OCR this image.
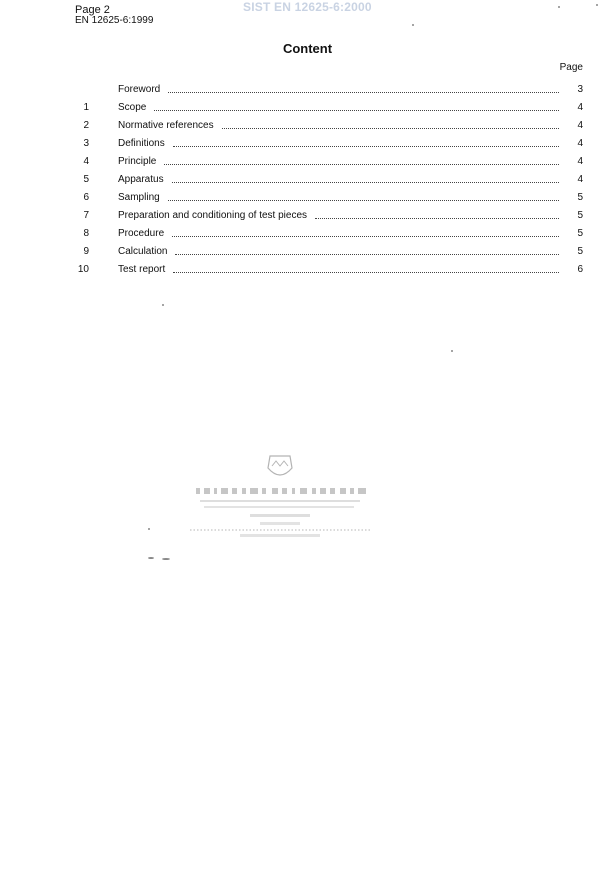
SIST EN 12625-6:2000
Page 2
EN 12625-6:1999
Content
Page
Foreword	3
1	Scope	4
2	Normative references	4
3	Definitions	4
4	Principle	4
5	Apparatus	4
6	Sampling	5
7	Preparation and conditioning of test pieces	5
8	Procedure	5
9	Calculation	5
10	Test report	6
